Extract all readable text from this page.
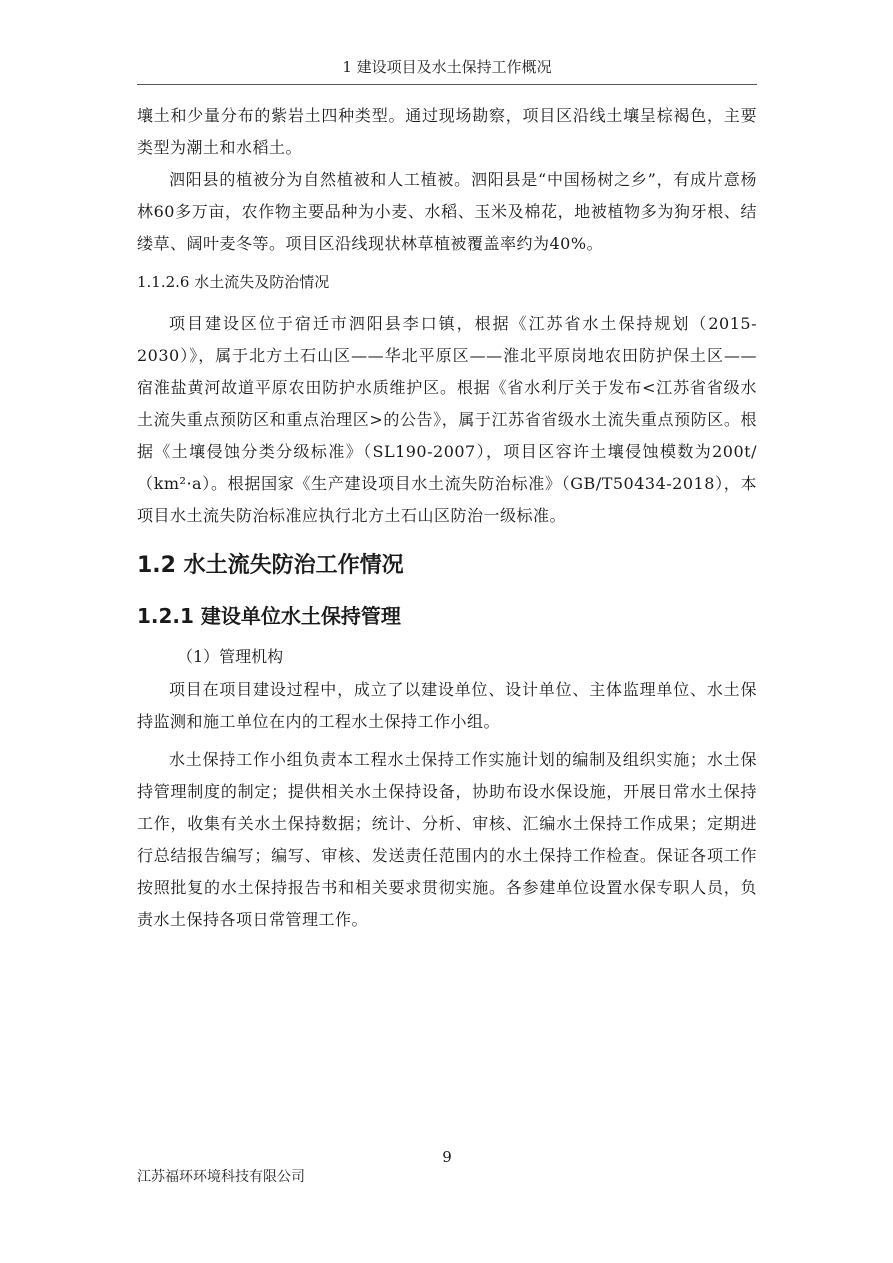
1 建设项目及水土保持工作概况

壤土和少量分布的紫岩土四种类型。通过现场勘察，项目区沿线土壤呈棕褐色，主要类型为潮土和水稻土。

泗阳县的植被分为自然植被和人工植被。泗阳县是“中国杨树之乡”，有成片意杨林60多万亩，农作物主要品种为小麦、水稻、玉米及棉花，地被植物多为狗牙根、结缕草、阔叶麦冬等。项目区沿线现状林草植被覆盖率约为40%。

1.1.2.6 水土流失及防治情况

项目建设区位于宿迁市泗阳县李口镇，根据《江苏省水土保持规划（2015-2030）》，属于北方土石山区——华北平原区——淮北平原岗地农田防护保土区——宿淮盐黄河故道平原农田防护水质维护区。根据《省水利厅关于发布<江苏省省级水土流失重点预防区和重点治理区>的公告》，属于江苏省省级水土流失重点预防区。根据《土壤侵蚀分类分级标准》（SL190-2007），项目区容许土壤侵蚀模数为200t/（km²·a）。根据国家《生产建设项目水土流失防治标准》（GB/T50434-2018），本项目水土流失防治标准应执行北方土石山区防治一级标准。

1.2 水土流失防治工作情况
1.2.1 建设单位水土保持管理
（1）管理机构

项目在项目建设过程中，成立了以建设单位、设计单位、主体监理单位、水土保持监测和施工单位在内的工程水土保持工作小组。

水土保持工作小组负责本工程水土保持工作实施计划的编制及组织实施；水土保持管理制度的制定；提供相关水土保持设备，协助布设水保设施，开展日常水土保持工作，收集有关水土保持数据；统计、分析、审核、汇编水土保持工作成果；定期进行总结报告编写；编写、审核、发送责任范围内的水土保持工作检查。保证各项工作按照批复的水土保持报告书和相关要求贯彻实施。各参建单位设置水保专职人员，负责水土保持各项日常管理工作。

9
江苏福环环境科技有限公司
